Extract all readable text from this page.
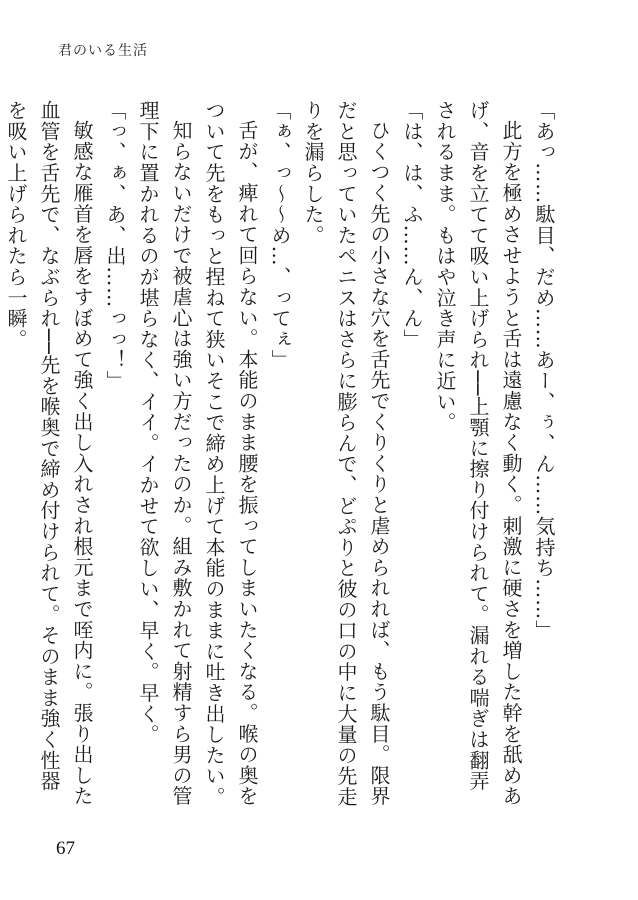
君のいる生活

「あっ……駄目、だめ……あー、ぅ、ん……気持ち……」

此方を極めさせようと舌は遠慮なく動く。刺激に硬さを増した幹を舐めあげ、音を立てて吸い上げられ──上顎に擦り付けられて。漏れる喘ぎは翻弄されるまま。もはや泣き声に近い。

「は、は、ふ……ん、ん」

ひくつく先の小さな穴を舌先でくりくりと虐められれば、もう駄目。限界だと思っていたペニスはさらに膨らんで、どぷりと彼の口の中に大量の先走りを漏らした。

「ぁ、っ～～め…、ってぇ」

舌が、痺れて回らない。本能のまま腰を振ってしまいたくなる。喉の奥をついて先をもっと捏ねて狭いそこで締め上げて本能のままに吐き出したい。

知らないだけで被虐心は強い方だったのか。組み敷かれて射精すら男の管理下に置かれるのが堪らなく、イイ。イかせて欲しい、早く。早く。

「っ、ぁ、あ、出……っっ！」

敏感な雁首を唇をすぼめて強く出し入れされ根元まで咥内に。張り出した血管を舌先で、なぶられ──先を喉奥で締め付けられて。そのまま強く性器を吸い上げられたら一瞬。

67
